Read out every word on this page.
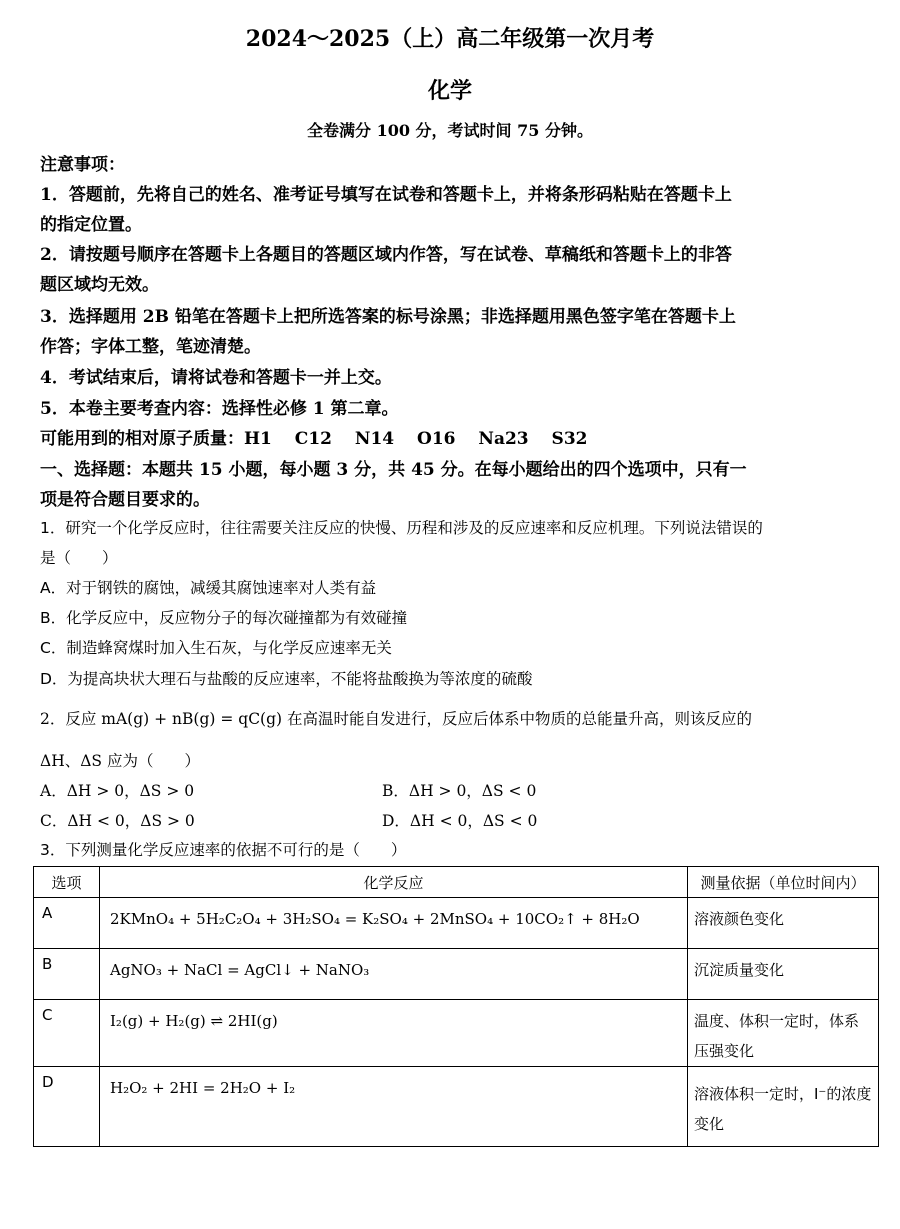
2024～2025（上）高二年级第一次月考
化学
全卷满分 100 分，考试时间 75 分钟。
注意事项：
1．答题前，先将自己的姓名、准考证号填写在试卷和答题卡上，并将条形码粘贴在答题卡上
的指定位置。
2．请按题号顺序在答题卡上各题目的答题区域内作答，写在试卷、草稿纸和答题卡上的非答
题区域均无效。
3．选择题用 2B 铅笔在答题卡上把所选答案的标号涂黑；非选择题用黑色签字笔在答题卡上
作答；字体工整，笔迹清楚。
4．考试结束后，请将试卷和答题卡一并上交。
5．本卷主要考查内容：选择性必修 1 第二章。
可能用到的相对原子质量：H1　 C12　 N14　 O16　 Na23　 S32
一、选择题：本题共 15 小题，每小题 3 分，共 45 分。在每小题给出的四个选项中，只有一
项是符合题目要求的。
1．研究一个化学反应时，往往需要关注反应的快慢、历程和涉及的反应速率和反应机理。下列说法错误的
是（　　）
A．对于钢铁的腐蚀，减缓其腐蚀速率对人类有益
B．化学反应中，反应物分子的每次碰撞都为有效碰撞
C．制造蜂窝煤时加入生石灰，与化学反应速率无关
D．为提高块状大理石与盐酸的反应速率，不能将盐酸换为等浓度的硫酸
2．反应 mA(g) + nB(g) = qC(g) 在高温时能自发进行，反应后体系中物质的总能量升高，则该反应的
ΔH、ΔS 应为（　　）
A．ΔH > 0，ΔS > 0	B．ΔH > 0，ΔS < 0
C．ΔH < 0，ΔS > 0	D．ΔH < 0，ΔS < 0
3．下列测量化学反应速率的依据不可行的是（　　）
选项	化学反应	测量依据（单位时间内）
A	2KMnO₄ + 5H₂C₂O₄ + 3H₂SO₄ = K₂SO₄ + 2MnSO₄ + 10CO₂↑ + 8H₂O	溶液颜色变化
B	AgNO₃ + NaCl = AgCl↓ + NaNO₃	沉淀质量变化
C	I₂(g) + H₂(g) ⇌ 2HI(g)	温度、体积一定时，体系压强变化
D	H₂O₂ + 2HI = 2H₂O + I₂	溶液体积一定时，I⁻的浓度变化
